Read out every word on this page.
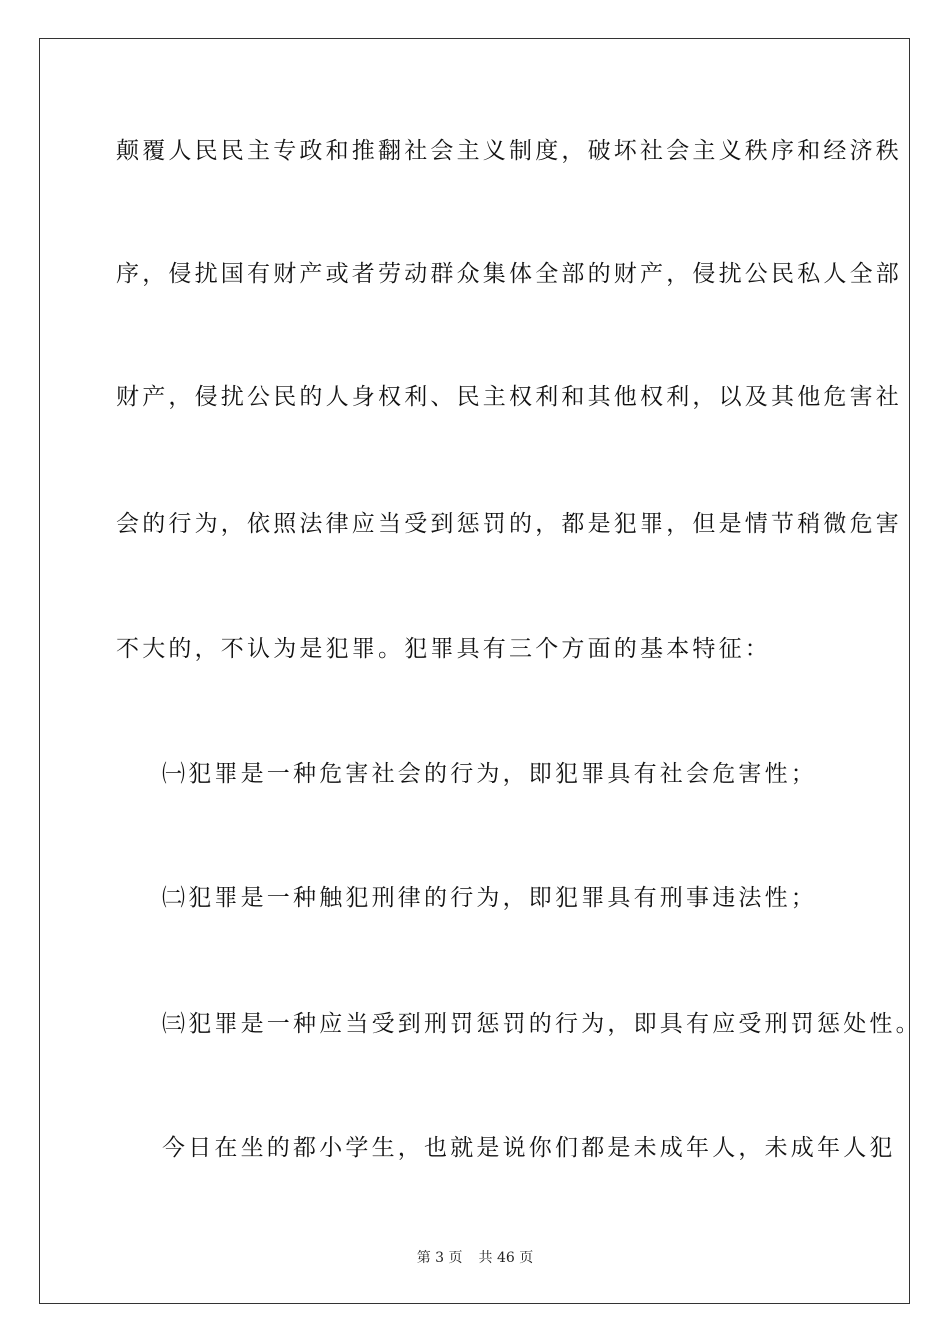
颠覆人民民主专政和推翻社会主义制度，破坏社会主义秩序和经济秩
序，侵扰国有财产或者劳动群众集体全部的财产，侵扰公民私人全部
财产，侵扰公民的人身权利、民主权利和其他权利，以及其他危害社
会的行为，依照法律应当受到惩罚的，都是犯罪，但是情节稍微危害
不大的，不认为是犯罪。犯罪具有三个方面的基本特征：
㈠犯罪是一种危害社会的行为，即犯罪具有社会危害性；
㈡犯罪是一种触犯刑律的行为，即犯罪具有刑事违法性；
㈢犯罪是一种应当受到刑罚惩罚的行为，即具有应受刑罚惩处性。
今日在坐的都小学生，也就是说你们都是未成年人，未成年人犯
第 3 页 共 46 页
